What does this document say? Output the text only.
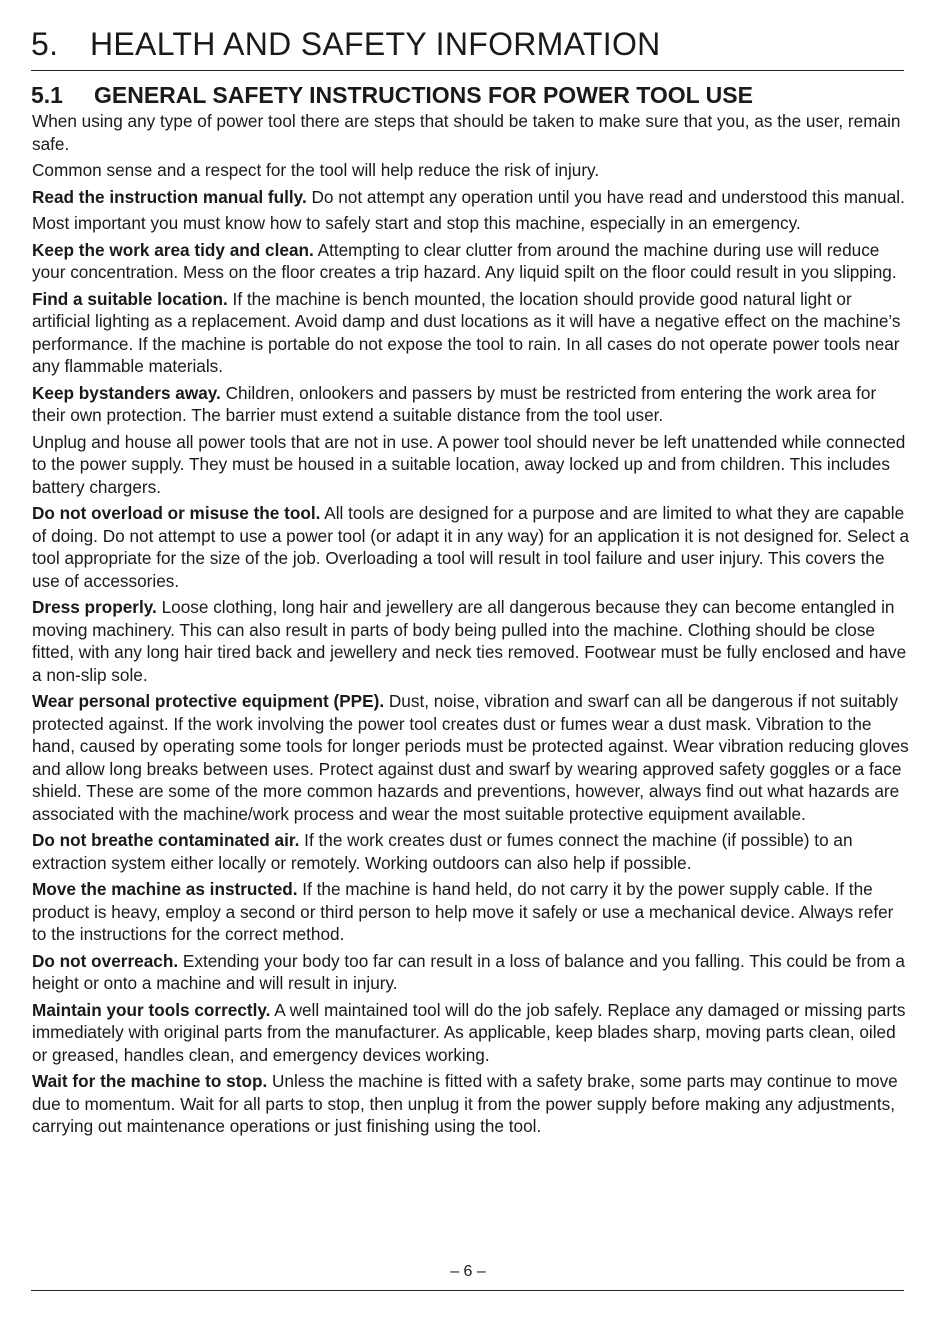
5. HEALTH AND SAFETY INFORMATION
5.1 GENERAL SAFETY INSTRUCTIONS FOR POWER TOOL USE

When using any type of power tool there are steps that should be taken to make sure that you, as the user, remain safe.

Common sense and a respect for the tool will help reduce the risk of injury.

Read the instruction manual fully. Do not attempt any operation until you have read and understood this manual.

Most important you must know how to safely start and stop this machine, especially in an emergency.

Keep the work area tidy and clean. Attempting to clear clutter from around the machine during use will reduce your concentration. Mess on the floor creates a trip hazard. Any liquid spilt on the floor could result in you slipping.

Find a suitable location. If the machine is bench mounted, the location should provide good natural light or artificial lighting as a replacement. Avoid damp and dust locations as it will have a negative effect on the machine’s performance. If the machine is portable do not expose the tool to rain. In all cases do not operate power tools near any flammable materials.

Keep bystanders away. Children, onlookers and passers by must be restricted from entering the work area for their own protection. The barrier must extend a suitable distance from the tool user.

Unplug and house all power tools that are not in use. A power tool should never be left unattended while connected to the power supply. They must be housed in a suitable location, away locked up and from children. This includes battery chargers.

Do not overload or misuse the tool. All tools are designed for a purpose and are limited to what they are capable of doing. Do not attempt to use a power tool (or adapt it in any way) for an application it is not designed for. Select a tool appropriate for the size of the job. Overloading a tool will result in tool failure and user injury. This covers the use of accessories.

Dress properly. Loose clothing, long hair and jewellery are all dangerous because they can become entangled in moving machinery. This can also result in parts of body being pulled into the machine. Clothing should be close fitted, with any long hair tired back and jewellery and neck ties removed. Footwear must be fully enclosed and have a non-slip sole.

Wear personal protective equipment (PPE). Dust, noise, vibration and swarf can all be dangerous if not suitably protected against. If the work involving the power tool creates dust or fumes wear a dust mask. Vibration to the hand, caused by operating some tools for longer periods must be protected against. Wear vibration reducing gloves and allow long breaks between uses. Protect against dust and swarf by wearing approved safety goggles or a face shield. These are some of the more common hazards and preventions, however, always find out what hazards are associated with the machine/work process and wear the most suitable protective equipment available.

Do not breathe contaminated air. If the work creates dust or fumes connect the machine (if possible) to an extraction system either locally or remotely. Working outdoors can also help if possible.

Move the machine as instructed. If the machine is hand held, do not carry it by the power supply cable. If the product is heavy, employ a second or third person to help move it safely or use a mechanical device. Always refer to the instructions for the correct method.

Do not overreach. Extending your body too far can result in a loss of balance and you falling. This could be from a height or onto a machine and will result in injury.

Maintain your tools correctly. A well maintained tool will do the job safely. Replace any damaged or missing parts immediately with original parts from the manufacturer. As applicable, keep blades sharp, moving parts clean, oiled or greased, handles clean, and emergency devices working.

Wait for the machine to stop. Unless the machine is fitted with a safety brake, some parts may continue to move due to momentum. Wait for all parts to stop, then unplug it from the power supply before making any adjustments, carrying out maintenance operations or just finishing using the tool.

– 6 –
